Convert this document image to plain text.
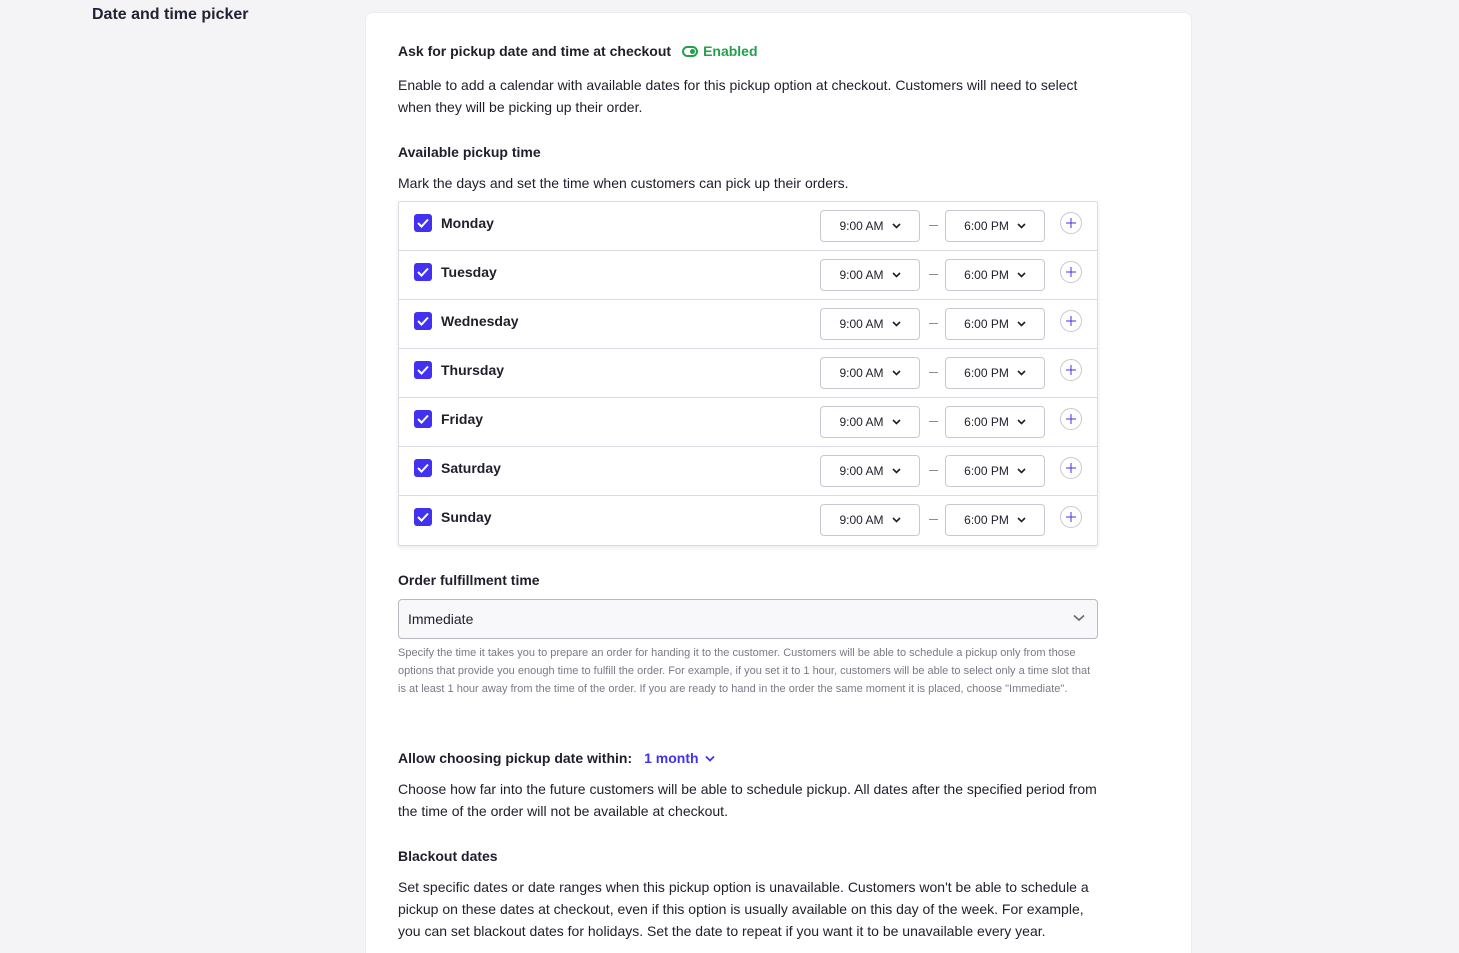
Date and time picker
Ask for pickup date and time at checkout Enabled
Enable to add a calendar with available dates for this pickup option at checkout. Customers will need to select when they will be picking up their order.
Available pickup time
Mark the days and set the time when customers can pick up their orders.
Monday	9:00 AM	6:00 PM
Tuesday	9:00 AM	6:00 PM
Wednesday	9:00 AM	6:00 PM
Thursday	9:00 AM	6:00 PM
Friday	9:00 AM	6:00 PM
Saturday	9:00 AM	6:00 PM
Sunday	9:00 AM	6:00 PM
Order fulfillment time
Immediate
Specify the time it takes you to prepare an order for handing it to the customer. Customers will be able to schedule a pickup only from those options that provide you enough time to fulfill the order. For example, if you set it to 1 hour, customers will be able to select only a time slot that is at least 1 hour away from the time of the order. If you are ready to hand in the order the same moment it is placed, choose "Immediate".
Allow choosing pickup date within: 1 month
Choose how far into the future customers will be able to schedule pickup. All dates after the specified period from the time of the order will not be available at checkout.
Blackout dates
Set specific dates or date ranges when this pickup option is unavailable. Customers won't be able to schedule a pickup on these dates at checkout, even if this option is usually available on this day of the week. For example, you can set blackout dates for holidays. Set the date to repeat if you want it to be unavailable every year.
